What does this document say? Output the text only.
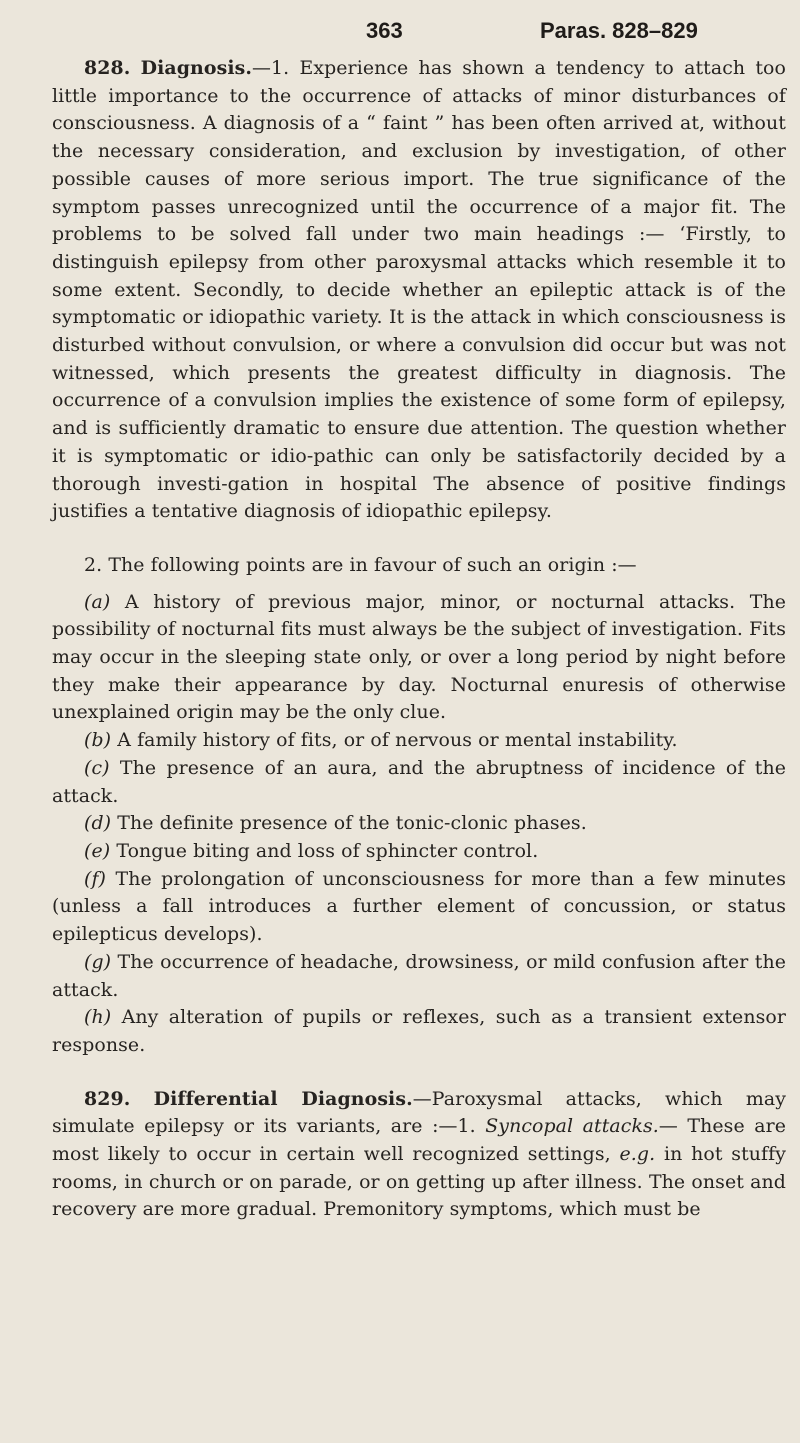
363	Paras. 828–829

828. Diagnosis.—1. Experience has shown a tendency to attach too little importance to the occurrence of attacks of minor disturbances of consciousness. A diagnosis of a “ faint ” has been often arrived at, without the necessary consideration, and exclusion by investigation, of other possible causes of more serious import. The true significance of the symptom passes unrecognized until the occurrence of a major fit. The problems to be solved fall under two main headings :— ‘Firstly, to distinguish epilepsy from other paroxysmal attacks which resemble it to some extent. Secondly, to decide whether an epileptic attack is of the symptomatic or idiopathic variety. It is the attack in which consciousness is disturbed without convulsion, or where a convulsion did occur but was not witnessed, which presents the greatest difficulty in diagnosis. The occurrence of a convulsion implies the existence of some form of epilepsy, and is sufficiently dramatic to ensure due attention. The question whether it is symptomatic or idio-pathic can only be satisfactorily decided by a thorough investi-gation in hospital The absence of positive findings justifies a tentative diagnosis of idiopathic epilepsy.

2. The following points are in favour of such an origin :—

(a) A history of previous major, minor, or nocturnal attacks. The possibility of nocturnal fits must always be the subject of investigation. Fits may occur in the sleeping state only, or over a long period by night before they make their appearance by day. Nocturnal enuresis of otherwise unexplained origin may be the only clue.

(b) A family history of fits, or of nervous or mental instability.

(c) The presence of an aura, and the abruptness of incidence of the attack.

(d) The definite presence of the tonic-clonic phases.

(e) Tongue biting and loss of sphincter control.

(f) The prolongation of unconsciousness for more than a few minutes (unless a fall introduces a further element of concussion, or status epilepticus develops).

(g) The occurrence of headache, drowsiness, or mild confusion after the attack.

(h) Any alteration of pupils or reflexes, such as a transient extensor response.

829. Differential Diagnosis.—Paroxysmal attacks, which may simulate epilepsy or its variants, are :—1. Syncopal attacks.— These are most likely to occur in certain well recognized settings, e.g. in hot stuffy rooms, in church or on parade, or on getting up after illness. The onset and recovery are more gradual. Premonitory symptoms, which must be
